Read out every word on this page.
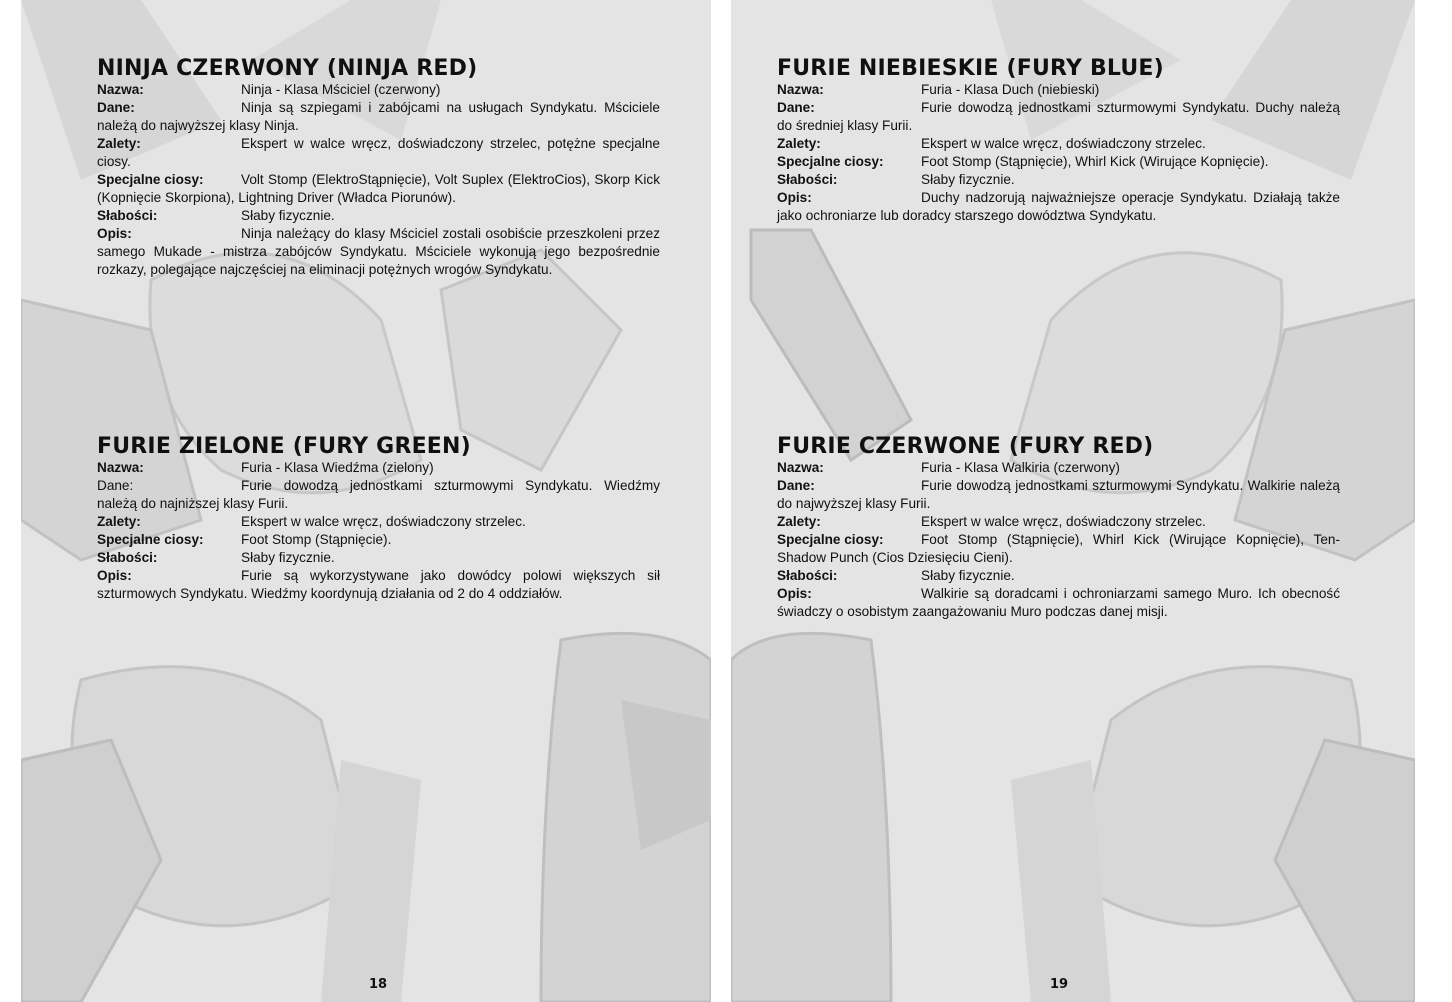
NINJA CZERWONY (NINJA RED)
Nazwa:	Ninja - Klasa Mściciel (czerwony)
Dane:	Ninja są szpiegami i zabójcami na usługach Syndykatu. Mściciele należą do najwyższej klasy Ninja.
Zalety:	Ekspert w walce wręcz, doświadczony strzelec, potężne specjalne ciosy.
Specjalne ciosy:	Volt Stomp (ElektroStąpnięcie), Volt Suplex (ElektroCios), Skorp Kick (Kopnięcie Skorpiona), Lightning Driver (Władca Piorunów).
Słabości:	Słaby fizycznie.
Opis:	Ninja należący do klasy Mściciel zostali osobiście przeszkoleni przez samego Mukade - mistrza zabójców Syndykatu. Mściciele wykonują jego bezpośrednie rozkazy, polegające najczęściej na eliminacji potężnych wrogów Syndykatu.
FURIE ZIELONE (FURY GREEN)
Nazwa:	Furia - Klasa Wiedźma (zielony)
Dane:	Furie dowodzą jednostkami szturmowymi Syndykatu. Wiedźmy należą do najniższej klasy Furii.
Zalety:	Ekspert w walce wręcz, doświadczony strzelec.
Specjalne ciosy:	Foot Stomp (Stąpnięcie).
Słabości:	Słaby fizycznie.
Opis:	Furie są wykorzystywane jako dowódcy polowi większych sił szturmowych Syndykatu. Wiedźmy koordynują działania od 2 do 4 oddziałów.
18
FURIE NIEBIESKIE (FURY BLUE)
Nazwa:	Furia - Klasa Duch (niebieski)
Dane:	Furie dowodzą jednostkami szturmowymi Syndykatu. Duchy należą do średniej klasy Furii.
Zalety:	Ekspert w walce wręcz, doświadczony strzelec.
Specjalne ciosy:	Foot Stomp (Stąpnięcie), Whirl Kick (Wirujące Kopnięcie).
Słabości:	Słaby fizycznie.
Opis:	Duchy nadzorują najważniejsze operacje Syndykatu. Działają także jako ochroniarze lub doradcy starszego dowództwa Syndykatu.
FURIE CZERWONE (FURY RED)
Nazwa:	Furia - Klasa Walkiria (czerwony)
Dane:	Furie dowodzą jednostkami szturmowymi Syndykatu. Walkirie należą do najwyższej klasy Furii.
Zalety:	Ekspert w walce wręcz, doświadczony strzelec.
Specjalne ciosy:	Foot Stomp (Stąpnięcie), Whirl Kick (Wirujące Kopnięcie), Ten-Shadow Punch (Cios Dziesięciu Cieni).
Słabości:	Słaby fizycznie.
Opis:	Walkirie są doradcami i ochroniarzami samego Muro. Ich obecność świadczy o osobistym zaangażowaniu Muro podczas danej misji.
19
